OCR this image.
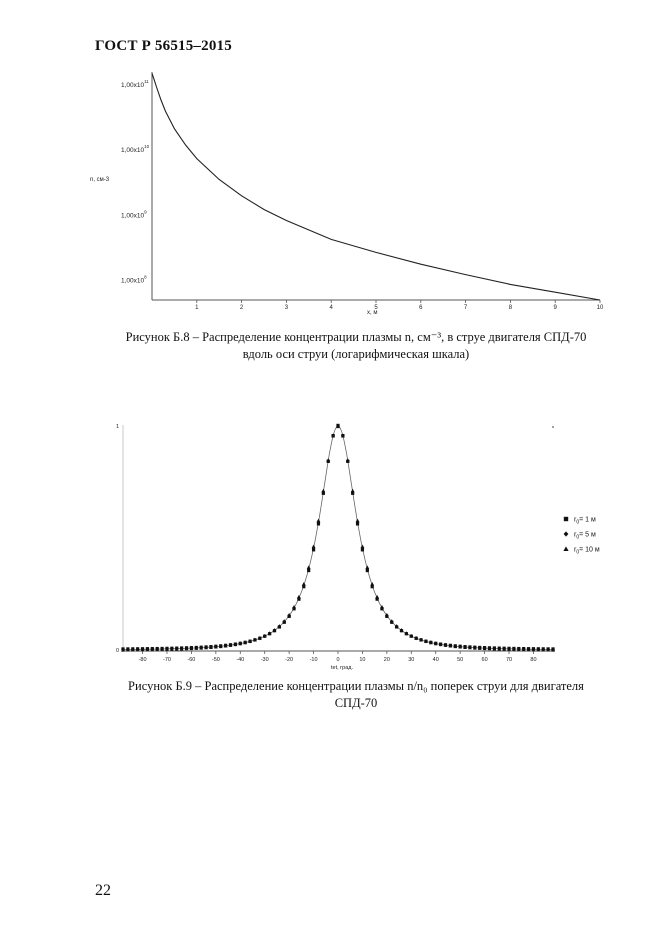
ГОСТ Р 56515–2015
$1,00x10^{11}$
$1,00x10^{10}$
$1,00x10^9$
$1,00x10^8$
1	2	3	4	5	6	7	8	9	10
n, см-3
x, м
Рисунок Б.8 – Распределение концентрации плазмы n, см⁻³, в струе двигателя СПД-70
вдоль оси струи (логарифмическая шкала)
1
0
-80	-70	-60	-50	-40	-30	-20	-10	0	10	20	30	40	50	60	70	80
tet, град.
$r_0= 1$ м
$r_0= 5$ м
$r_0= 10$ м
Рисунок Б.9 – Распределение концентрации плазмы n/n₀ поперек струи для двигателя
СПД-70
22
